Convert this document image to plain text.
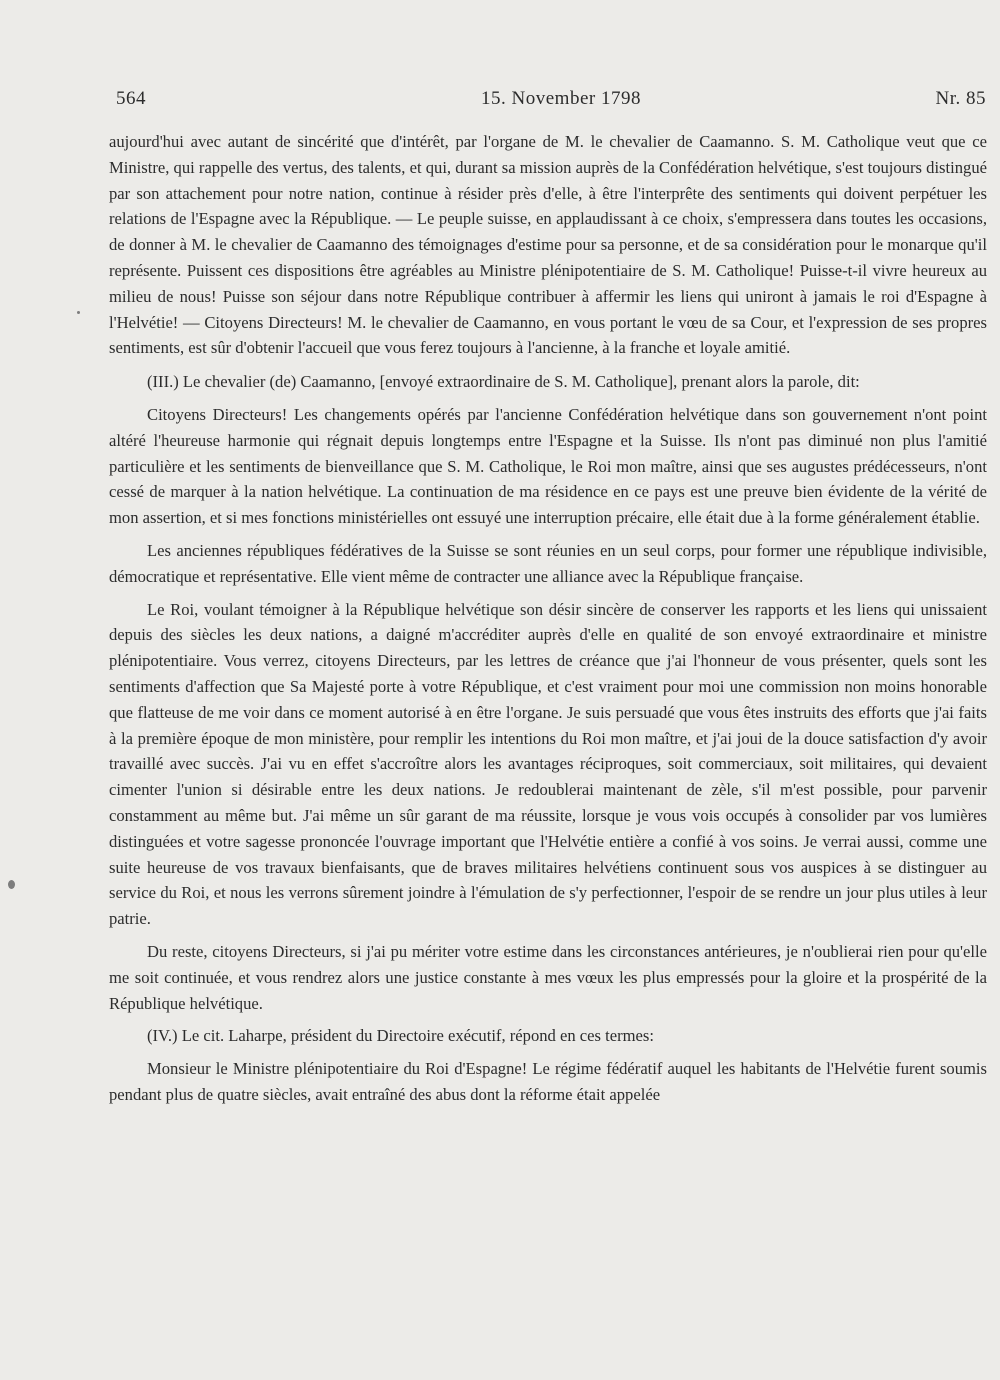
564	15. November 1798	Nr. 85

aujourd'hui avec autant de sincérité que d'intérêt, par l'organe de M. le chevalier de Caamanno. S. M. Catholique veut que ce Ministre, qui rappelle des vertus, des talents, et qui, durant sa mission auprès de la Confédération helvétique, s'est toujours distingué par son attachement pour notre nation, continue à résider près d'elle, à être l'interprête des sentiments qui doivent perpétuer les relations de l'Espagne avec la République. — Le peuple suisse, en applaudissant à ce choix, s'empressera dans toutes les occasions, de donner à M. le chevalier de Caamanno des témoignages d'estime pour sa personne, et de sa considération pour le monarque qu'il représente. Puissent ces dispositions être agréables au Ministre plénipotentiaire de S. M. Catholique! Puisse-t-il vivre heureux au milieu de nous! Puisse son séjour dans notre République contribuer à affermir les liens qui uniront à jamais le roi d'Espagne à l'Helvétie! — Citoyens Directeurs! M. le chevalier de Caamanno, en vous portant le vœu de sa Cour, et l'expression de ses propres sentiments, est sûr d'obtenir l'accueil que vous ferez toujours à l'ancienne, à la franche et loyale amitié.

(III.) Le chevalier (de) Caamanno, [envoyé extraordinaire de S. M. Catholique], prenant alors la parole, dit:

Citoyens Directeurs! Les changements opérés par l'ancienne Confédération helvétique dans son gouvernement n'ont point altéré l'heureuse harmonie qui régnait depuis longtemps entre l'Espagne et la Suisse. Ils n'ont pas diminué non plus l'amitié particulière et les sentiments de bienveillance que S. M. Catholique, le Roi mon maître, ainsi que ses augustes prédécesseurs, n'ont cessé de marquer à la nation helvétique. La continuation de ma résidence en ce pays est une preuve bien évidente de la vérité de mon assertion, et si mes fonctions ministérielles ont essuyé une interruption précaire, elle était due à la forme généralement établie.

Les anciennes républiques fédératives de la Suisse se sont réunies en un seul corps, pour former une république indivisible, démocratique et représentative. Elle vient même de contracter une alliance avec la République française.

Le Roi, voulant témoigner à la République helvétique son désir sincère de conserver les rapports et les liens qui unissaient depuis des siècles les deux nations, a daigné m'accréditer auprès d'elle en qualité de son envoyé extraordinaire et ministre plénipotentiaire. Vous verrez, citoyens Directeurs, par les lettres de créance que j'ai l'honneur de vous présenter, quels sont les sentiments d'affection que Sa Majesté porte à votre République, et c'est vraiment pour moi une commission non moins honorable que flatteuse de me voir dans ce moment autorisé à en être l'organe. Je suis persuadé que vous êtes instruits des efforts que j'ai faits à la première époque de mon ministère, pour remplir les intentions du Roi mon maître, et j'ai joui de la douce satisfaction d'y avoir travaillé avec succès. J'ai vu en effet s'accroître alors les avantages réciproques, soit commerciaux, soit militaires, qui devaient cimenter l'union si désirable entre les deux nations. Je redoublerai maintenant de zèle, s'il m'est possible, pour parvenir constamment au même but. J'ai même un sûr garant de ma réussite, lorsque je vous vois occupés à consolider par vos lumières distinguées et votre sagesse prononcée l'ouvrage important que l'Helvétie entière a confié à vos soins. Je verrai aussi, comme une suite heureuse de vos travaux bienfaisants, que de braves militaires helvétiens continuent sous vos auspices à se distinguer au service du Roi, et nous les verrons sûrement joindre à l'émulation de s'y perfectionner, l'espoir de se rendre un jour plus utiles à leur patrie.

Du reste, citoyens Directeurs, si j'ai pu mériter votre estime dans les circonstances antérieures, je n'oublierai rien pour qu'elle me soit continuée, et vous rendrez alors une justice constante à mes vœux les plus empressés pour la gloire et la prospérité de la République helvétique.

(IV.) Le cit. Laharpe, président du Directoire exécutif, répond en ces termes:

Monsieur le Ministre plénipotentiaire du Roi d'Espagne! Le régime fédératif auquel les habitants de l'Helvétie furent soumis pendant plus de quatre siècles, avait entraîné des abus dont la réforme était appelée
